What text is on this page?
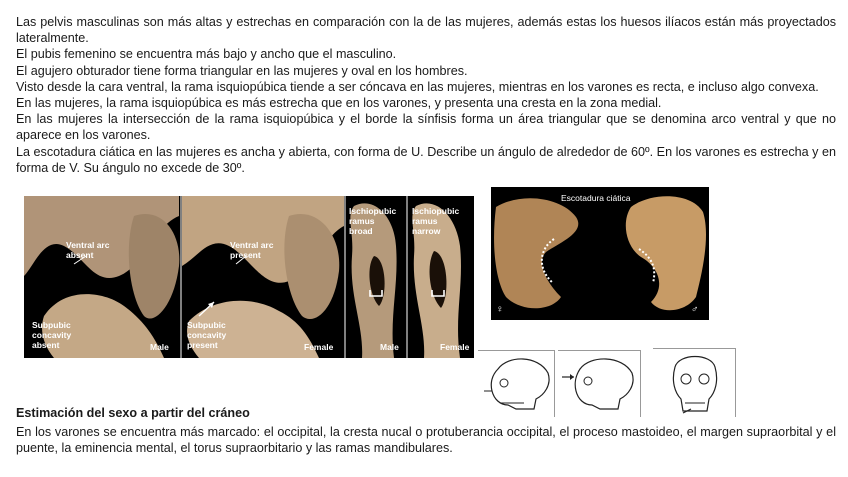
Las pelvis masculinas son más altas y estrechas en comparación con la de las mujeres, además estas los huesos ilíacos están más proyectados lateralmente.

El pubis femenino se encuentra más bajo y ancho que el masculino.

El agujero obturador tiene forma triangular en las mujeres y oval en los hombres.

Visto desde la cara ventral, la rama isquiopúbica tiende a ser cóncava en las mujeres, mientras en los varones es recta, e incluso algo convexa.

En las mujeres, la rama isquiopúbica es más estrecha que en los varones, y presenta una cresta en la zona medial.

En las mujeres la intersección de la rama isquiopúbica y el borde la sínfisis forma un área triangular que se denomina arco ventral y que no aparece en los varones.

La escotadura ciática en las mujeres es ancha y abierta, con forma de U. Describe un ángulo de alrededor de 60º. En los varones es estrecha y en forma de V. Su ángulo no excede de 30º.

Ventral arc absent
Ventral arc present
Subpubic concavity absent
Subpubic concavity present
Male	Female
Ischiopubic ramus broad
Ischiopubic ramus narrow
Male	Female
Escotadura ciática
♀	♂
Estimación del sexo a partir del cráneo
En los varones se encuentra más marcado: el occipital, la cresta nucal o protuberancia occipital, el proceso mastoideo, el margen supraorbital y el puente, la eminencia mental, el torus supraorbitario y las ramas mandibulares.
